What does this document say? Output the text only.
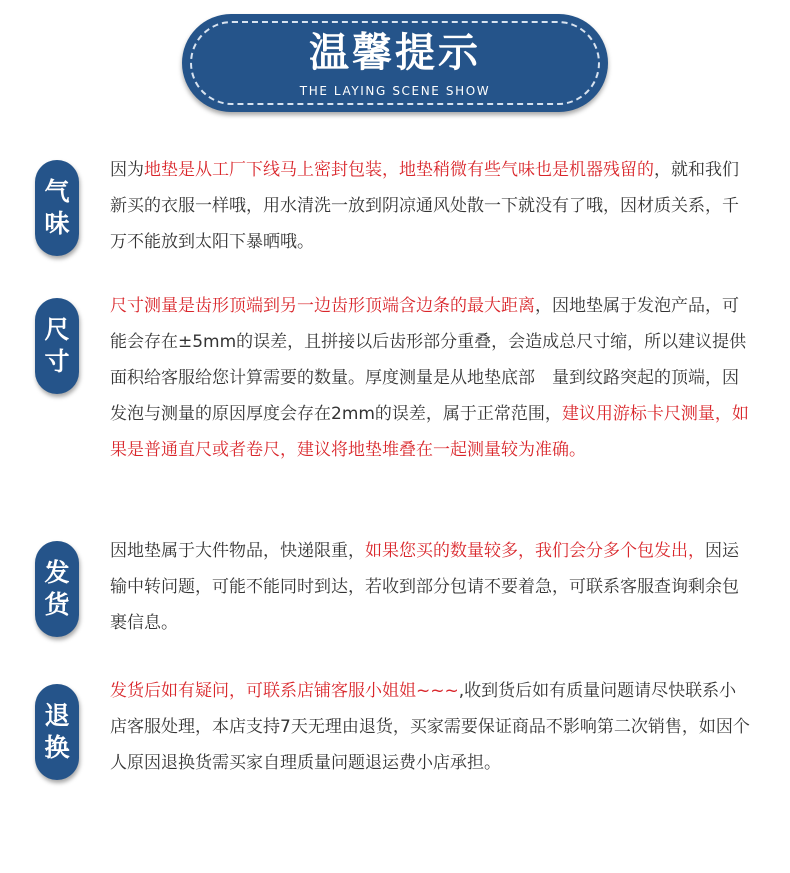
温馨提示
THE LAYING SCENE SHOW
气
味

因为地垫是从工厂下线马上密封包装，地垫稍微有些气味也是机器残留的，就和我们新买的衣服一样哦，用水清洗一放到阴凉通风处散一下就没有了哦，因材质关系，千万不能放到太阳下暴晒哦。

尺
寸

尺寸测量是齿形顶端到另一边齿形顶端含边条的最大距离，因地垫属于发泡产品，可能会存在±5mm的误差，且拼接以后齿形部分重叠，会造成总尺寸缩，所以建议提供面积给客服给您计算需要的数量。厚度测量是从地垫底部　量到纹路突起的顶端，因发泡与测量的原因厚度会存在2mm的误差，属于正常范围，建议用游标卡尺测量，如果是普通直尺或者卷尺，建议将地垫堆叠在一起测量较为准确。

发
货

因地垫属于大件物品，快递限重，如果您买的数量较多，我们会分多个包发出，因运输中转问题，可能不能同时到达，若收到部分包请不要着急，可联系客服查询剩余包裹信息。

退
换

发货后如有疑问，可联系店铺客服小姐姐~~~,收到货后如有质量问题请尽快联系小店客服处理，本店支持7天无理由退货，买家需要保证商品不影响第二次销售，如因个人原因退换货需买家自理质量问题退运费小店承担。
